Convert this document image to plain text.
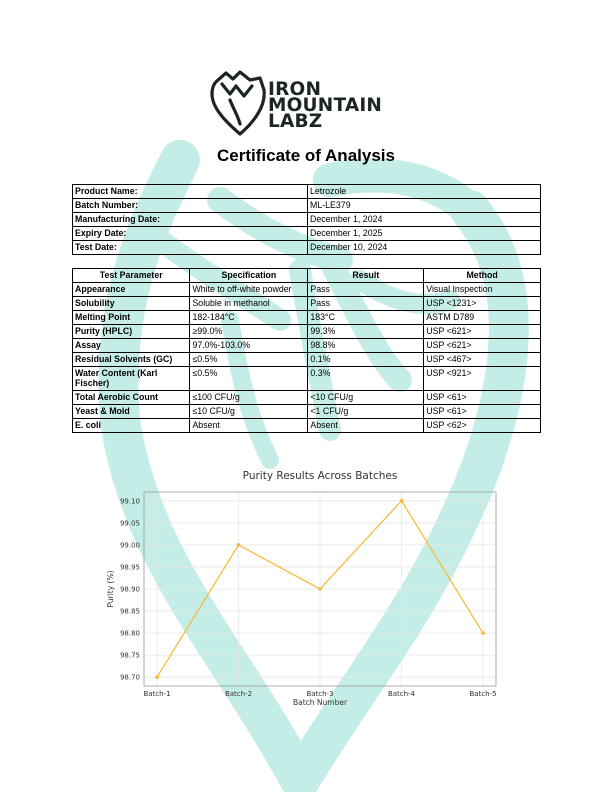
IRON
MOUNTAIN
LABZ
Certificate of Analysis
Product Name:	Letrozole
Batch Number:	ML-LE379
Manufacturing Date:	December 1, 2024
Expiry Date:	December 1, 2025
Test Date:	December 10, 2024
Test Parameter	Specification	Result	Method
Appearance	White to off-white powder	Pass	Visual Inspection
Solubility	Soluble in methanol	Pass	USP <1231>
Melting Point	182-184°C	183°C	ASTM D789
Purity (HPLC)	≥99.0%	99.3%	USP <621>
Assay	97.0%-103.0%	98.8%	USP <621>
Residual Solvents (GC)	≤0.5%	0.1%	USP <467>
Water Content (Karl Fischer)	≤0.5%	0.3%	USP <921>
Total Aerobic Count	≤100 CFU/g	<10 CFU/g	USP <61>
Yeast & Mold	≤10 CFU/g	<1 CFU/g	USP <61>
E. coli	Absent	Absent	USP <62>
Purity Results Across Batches
98.70
98.75
98.80
98.85
98.90
98.95
99.00
99.05
99.10
Batch-1	Batch-2	Batch-3	Batch-4	Batch-5
Batch Number
Purity (%)
